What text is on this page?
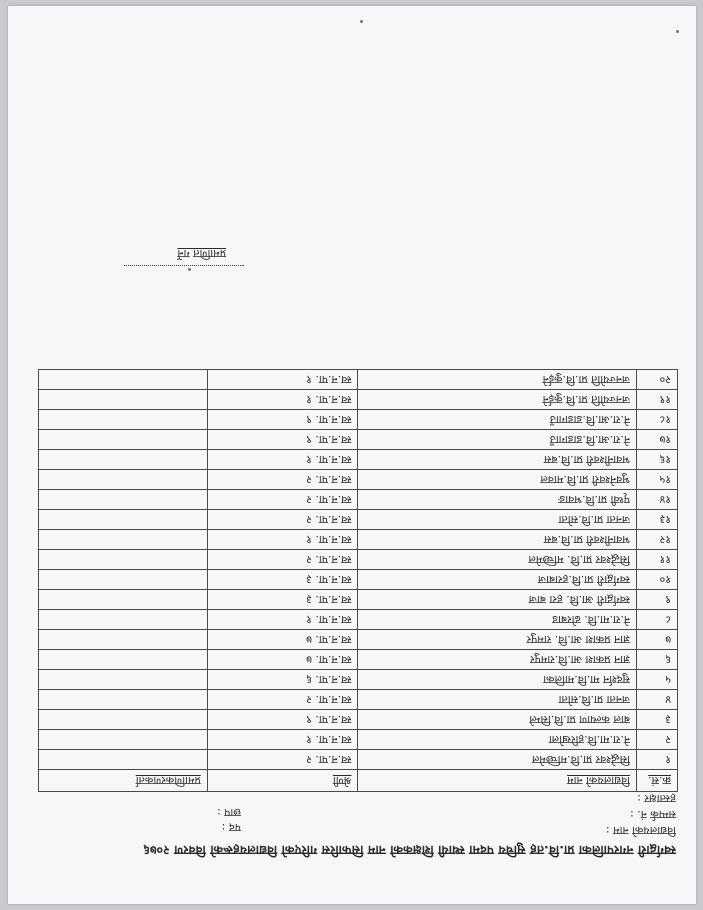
स्वर्गद्वारी नगरपालिका प्रा.वि.तह सुचिय पदमा स्थायी शिक्षकको नाम सिफारिस गरिएको विद्यालयहरूको विवरण २०७६
विद्यालयको नाम :
सम्पर्क नं. :
हस्ताक्षर :
पद :
छाप :
क्र.सं.	विद्यालयको नाम	श्रेणी	प्रमाणिकरणकर्ता
१	सिद्धेश्वर प्रा.वि.मच्छिमेल	स्व.न.पा. २	
२	ने.रा.मा.वि.हरिखोला	स्व.न.पा. १	
३	बाल कल्याण प्रा.वि.सिम्ले	स्व.न.पा. ९	
४	जनता प्रा.वि.सोता	स्व.न.पा. २	
५	सुदर्शन मा.वि.मालिका	स्व.न.पा. ६	
६	ज्ञान प्रकाश आ.वि.रामपुर	स्व.न.पा. ७	
७	ज्ञान प्रकाश आ.वि. रामपुर	स्व.न.पा. ७	
८	ने.रा.मा.वि. ढोरबाड	स्व.न.पा. १	
९	स्वर्गद्वारी आ.वि. हरा बाज	स्व.न.पा. ३	
१०	स्वर्गद्वारी प्रा.वि.हराबाज	स्व.न.पा. ३	
११	सिद्धेश्वर प्रा.वि. मच्छिमेल	स्व.न.पा. २	
१२	भवानीश्वरी प्रा.वि.बस	स्व.न.पा. १	
१३	जनता प्रा.वि.सोता	स्व.न.पा. २	
१४	पृथ्वी प्रा.वि.भवाङ	स्व.न.पा. २	
१५	भुवनेश्वरी प्रा.वि.मावल	स्व.न.पा. २	
१६	भवानीश्वरी प्रा.वि.बस	स्व.न.पा. १	
१७	ने.रा.आ.वि.डाडागाउँ	स्व.न.पा. ९	
१८	ने.रा.आ.वि.डाडागाउँ	स्व.न.पा. ९	
१९	जनज्योति प्रा.वि.कुईने	स्व.न.पा. १	
२०	जनज्योति प्रा.वि.कुईने	स्व.न.पा. १	
प्रमाणित गर्ने
